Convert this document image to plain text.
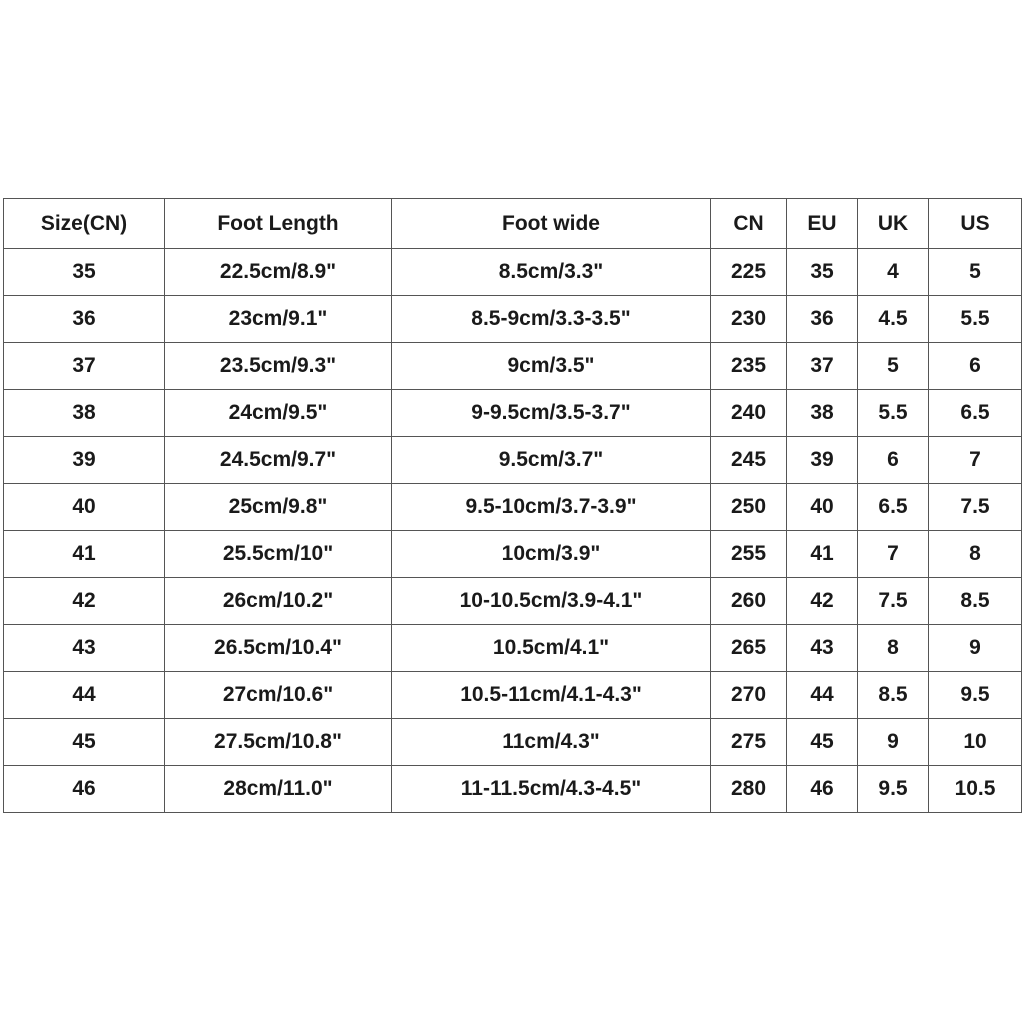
Size(CN)	Foot Length	Foot wide	CN	EU	UK	US
35	22.5cm/8.9"	8.5cm/3.3"	225	35	4	5
36	23cm/9.1"	8.5-9cm/3.3-3.5"	230	36	4.5	5.5
37	23.5cm/9.3"	9cm/3.5"	235	37	5	6
38	24cm/9.5"	9-9.5cm/3.5-3.7"	240	38	5.5	6.5
39	24.5cm/9.7"	9.5cm/3.7"	245	39	6	7
40	25cm/9.8"	9.5-10cm/3.7-3.9"	250	40	6.5	7.5
41	25.5cm/10"	10cm/3.9"	255	41	7	8
42	26cm/10.2"	10-10.5cm/3.9-4.1"	260	42	7.5	8.5
43	26.5cm/10.4"	10.5cm/4.1"	265	43	8	9
44	27cm/10.6"	10.5-11cm/4.1-4.3"	270	44	8.5	9.5
45	27.5cm/10.8"	11cm/4.3"	275	45	9	10
46	28cm/11.0"	11-11.5cm/4.3-4.5"	280	46	9.5	10.5
